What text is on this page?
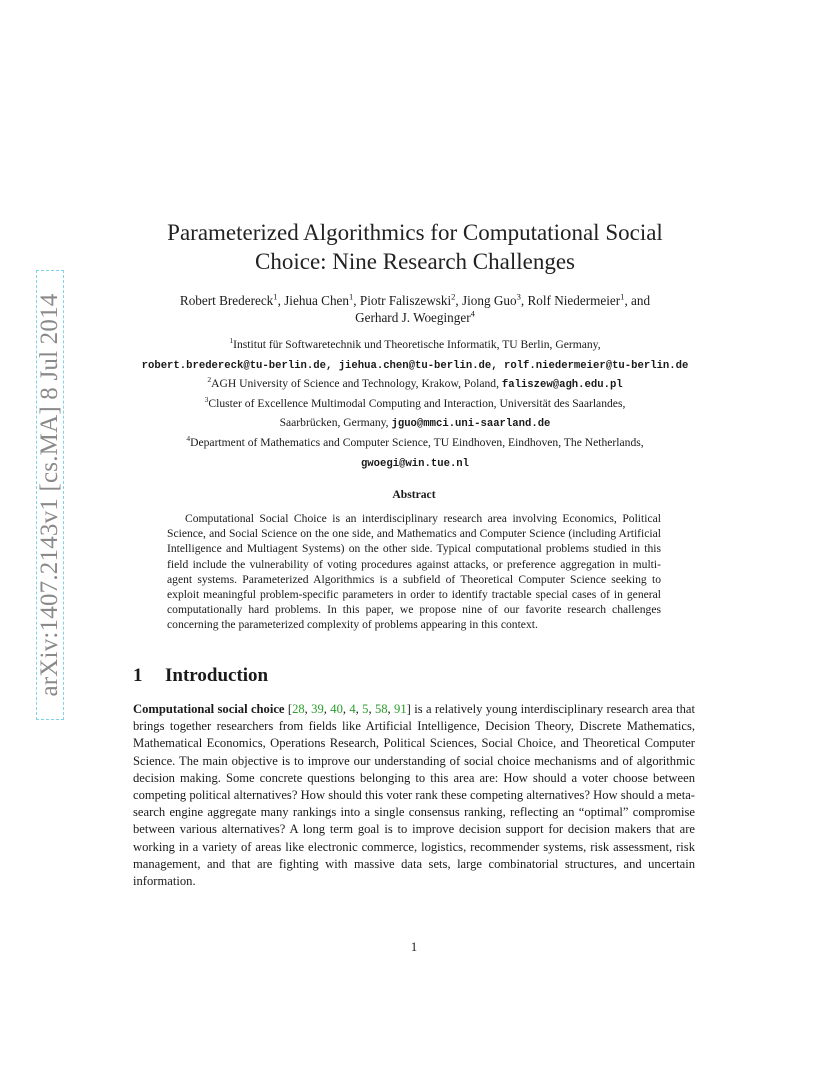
arXiv:1407.2143v1 [cs.MA] 8 Jul 2014
Parameterized Algorithmics for Computational Social
Choice: Nine Research Challenges
Robert Bredereck$^1$, Jiehua Chen$^1$, Piotr Faliszewski$^2$, Jiong Guo$^3$, Rolf Niedermeier$^1$, and
Gerhard J. Woeginger$^4$
$^1$Institut für Softwaretechnik und Theoretische Informatik, TU Berlin, Germany,
robert.bredereck@tu-berlin.de, jiehua.chen@tu-berlin.de, rolf.niedermeier@tu-berlin.de
$^2$AGH University of Science and Technology, Krakow, Poland, faliszew@agh.edu.pl
$^3$Cluster of Excellence Multimodal Computing and Interaction, Universität des Saarlandes,
Saarbrücken, Germany, jguo@mmci.uni-saarland.de
$^4$Department of Mathematics and Computer Science, TU Eindhoven, Eindhoven, The Netherlands,
gwoegi@win.tue.nl
Abstract

Computational Social Choice is an interdisciplinary research area involving Economics, Political Science, and Social Science on the one side, and Mathematics and Computer Science (including Artificial Intelligence and Multiagent Systems) on the other side. Typical computational problems studied in this field include the vulnerability of voting procedures against attacks, or preference aggregation in multi-agent systems. Parameterized Algorithmics is a subfield of Theoretical Computer Science seeking to exploit meaningful problem-specific parameters in order to identify tractable special cases of in general computationally hard problems. In this paper, we propose nine of our favorite research challenges concerning the parameterized complexity of problems appearing in this context.

1 Introduction

Computational social choice [28, 39, 40, 4, 5, 58, 91] is a relatively young interdisciplinary research area that brings together researchers from fields like Artificial Intelligence, Decision Theory, Discrete Mathematics, Mathematical Economics, Operations Research, Political Sciences, Social Choice, and Theoretical Computer Science. The main objective is to improve our understanding of social choice mechanisms and of algorithmic decision making. Some concrete questions belonging to this area are: How should a voter choose between competing political alternatives? How should this voter rank these competing alternatives? How should a meta-search engine aggregate many rankings into a single consensus ranking, reflecting an “optimal” compromise between various alternatives? A long term goal is to improve decision support for decision makers that are working in a variety of areas like electronic commerce, logistics, recommender systems, risk assessment, risk management, and that are fighting with massive data sets, large combinatorial structures, and uncertain information.

1
